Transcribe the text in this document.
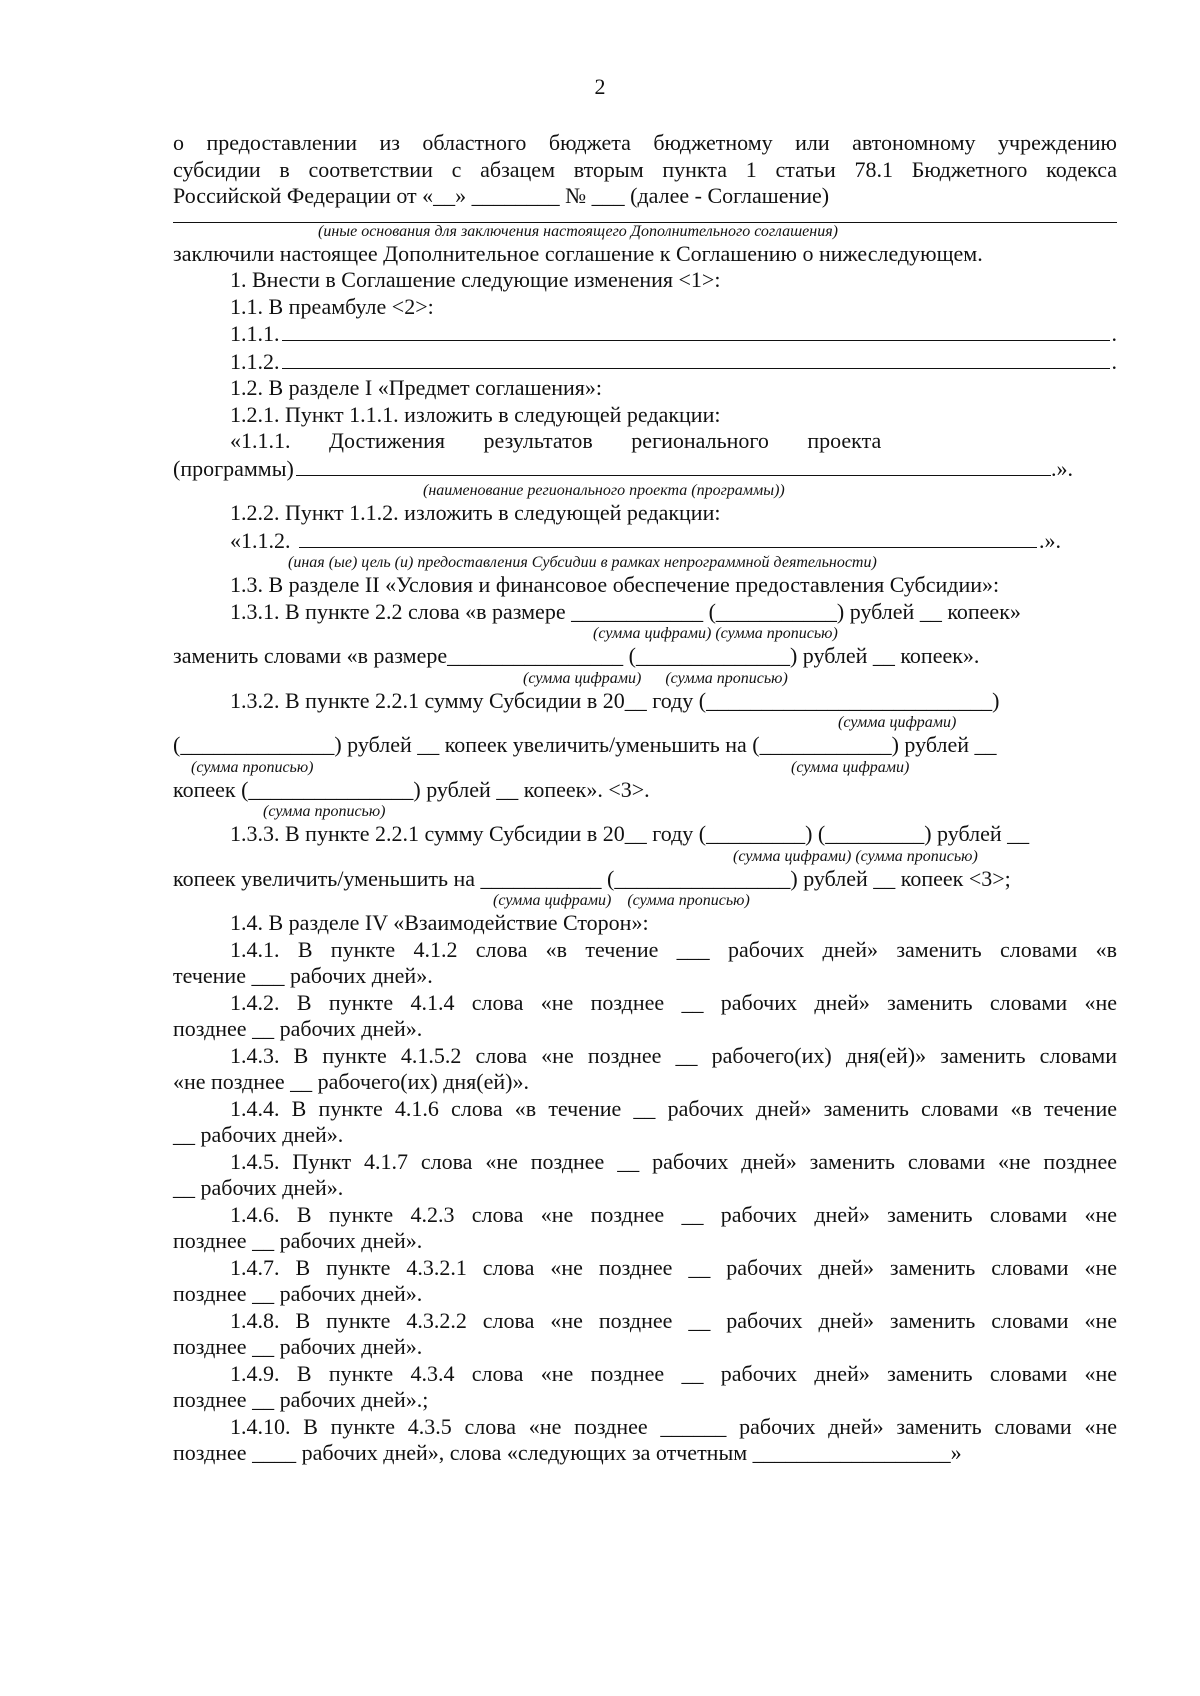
2
о предоставлении из областного бюджета бюджетному или автономному учреждению
субсидии в соответствии с абзацем вторым пункта 1 статьи 78.1 Бюджетного кодекса
Российской Федерации от «__» ________ № ___ (далее - Соглашение)
(иные основания для заключения настоящего Дополнительного соглашения)
заключили настоящее Дополнительное соглашение к Соглашению о нижеследующем.
1. Внести в Соглашение следующие изменения <1>:
1.1. В преамбуле <2>:
1.1.1.	.
1.1.2.	.
1.2. В разделе I «Предмет соглашения»:
1.2.1. Пункт 1.1.1. изложить в следующей редакции:
«1.1.1.       Достижения       результатов       регионального       проекта
(программы)	.».
(наименование регионального проекта (программы))
1.2.2. Пункт 1.1.2. изложить в следующей редакции:
«1.1.2.	.».
(иная (ые) цель (и) предоставления Субсидии в рамках непрограммной деятельности)
1.3. В разделе II «Условия и финансовое обеспечение предоставления Субсидии»:
1.3.1. В пункте 2.2 слова «в размере ____________ (___________) рублей __ копеек»
(сумма цифрами) (сумма прописью)
заменить словами «в размере________________ (______________) рублей __ копеек».
(сумма цифрами)      (сумма прописью)
1.3.2. В пункте 2.2.1 сумму Субсидии в 20__ году (__________________________)
(сумма цифрами)
(______________) рублей __ копеек увеличить/уменьшить на (____________) рублей __
(сумма прописью)	(сумма цифрами)
копеек (_______________) рублей __ копеек». <3>.
(сумма прописью)
1.3.3. В пункте 2.2.1 сумму Субсидии в 20__ году (_________) (_________) рублей __
(сумма цифрами) (сумма прописью)
копеек увеличить/уменьшить на ___________ (________________) рублей __ копеек <3>;
(сумма цифрами)    (сумма прописью)
1.4. В разделе IV «Взаимодействие Сторон»:
1.4.1. В пункте 4.1.2 слова «в течение ___ рабочих дней» заменить словами «в
течение ___ рабочих дней».
1.4.2. В пункте 4.1.4 слова «не позднее __ рабочих дней» заменить словами «не
позднее __ рабочих дней».
1.4.3. В пункте 4.1.5.2 слова «не позднее __ рабочего(их) дня(ей)» заменить словами
«не позднее __ рабочего(их) дня(ей)».
1.4.4. В пункте 4.1.6 слова «в течение __ рабочих дней» заменить словами «в течение
__ рабочих дней».
1.4.5. Пункт 4.1.7 слова «не позднее __ рабочих дней» заменить словами «не позднее
__ рабочих дней».
1.4.6. В пункте 4.2.3 слова «не позднее __ рабочих дней» заменить словами «не
позднее __ рабочих дней».
1.4.7. В пункте 4.3.2.1 слова «не позднее __ рабочих дней» заменить словами «не
позднее __ рабочих дней».
1.4.8. В пункте 4.3.2.2 слова «не позднее __ рабочих дней» заменить словами «не
позднее __ рабочих дней».
1.4.9. В пункте 4.3.4 слова «не позднее __ рабочих дней» заменить словами «не
позднее __ рабочих дней».;
1.4.10. В пункте 4.3.5 слова «не позднее ______ рабочих дней» заменить словами «не
позднее ____ рабочих дней», слова «следующих за отчетным __________________»
